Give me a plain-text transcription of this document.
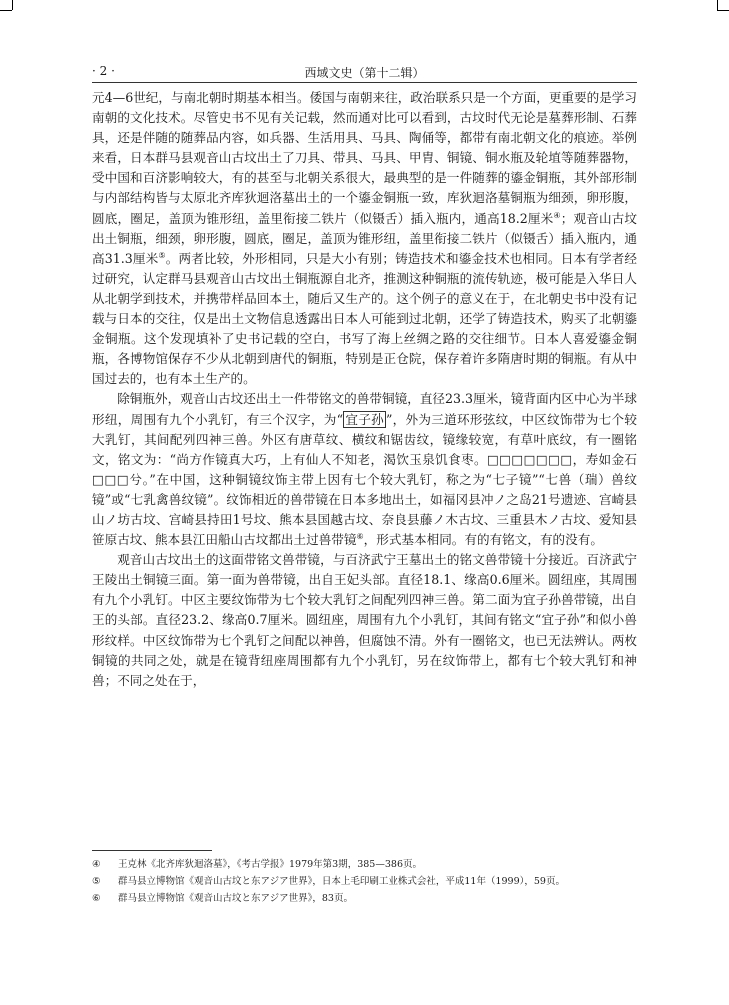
· 2 ·	西域文史（第十二辑）

元4—6世纪，与南北朝时期基本相当。倭国与南朝来往，政治联系只是一个方面，更重要的是学习南朝的文化技术。尽管史书不见有关记载，然而通对比可以看到，古坟时代无论是墓葬形制、石葬具，还是伴随的随葬品内容，如兵器、生活用具、马具、陶俑等，都带有南北朝文化的痕迹。举例来看，日本群马县观音山古坟出土了刀具、带具、马具、甲胄、铜镜、铜水瓶及轮埴等随葬器物，受中国和百济影响较大，有的甚至与北朝关系很大，最典型的是一件随葬的鎏金铜瓶，其外部形制与内部结构皆与太原北齐库狄迴洛墓出土的一个鎏金铜瓶一致，库狄迴洛墓铜瓶为细颈，卵形腹，圆底，圈足，盖顶为锥形纽，盖里衔接二铁片（似镊舌）插入瓶内，通高18.2厘米④；观音山古坟出土铜瓶，细颈，卵形腹，圆底，圈足，盖顶为锥形纽，盖里衔接二铁片（似镊舌）插入瓶内，通高31.3厘米⑤。两者比较，外形相同，只是大小有别；铸造技术和鎏金技术也相同。日本有学者经过研究，认定群马县观音山古坟出土铜瓶源自北齐，推测这种铜瓶的流传轨迹，极可能是入华日人从北朝学到技术，并携带样品回本土，随后又生产的。这个例子的意义在于，在北朝史书中没有记载与日本的交往，仅是出土文物信息透露出日本人可能到过北朝，还学了铸造技术，购买了北朝鎏金铜瓶。这个发现填补了史书记载的空白，书写了海上丝绸之路的交往细节。日本人喜爱鎏金铜瓶，各博物馆保存不少从北朝到唐代的铜瓶，特别是正仓院，保存着许多隋唐时期的铜瓶。有从中国过去的，也有本土生产的。

除铜瓶外，观音山古坟还出土一件带铭文的兽带铜镜，直径23.3厘米，镜背面内区中心为半球形纽，周围有九个小乳钉，有三个汉字，为“ 宜子孙 ”，外为三道环形弦纹，中区纹饰带为七个较大乳钉，其间配列四神三兽。外区有唐草纹、横纹和锯齿纹，镜缘较宽，有草叶底纹，有一圈铭文，铭文为：“尚方作镜真大巧，上有仙人不知老，渴饮玉泉饥食枣。□□□□□□□，寿如金石□□□兮。”在中国，这种铜镜纹饰主带上因有七个较大乳钉，称之为“七子镜”“七兽（瑞）兽纹镜”或“七乳禽兽纹镜”。纹饰相近的兽带镜在日本多地出土，如福冈县冲ノ之岛21号遗迹、宫崎县山ノ坊古坟、宫崎县持田1号坟、熊本县国越古坟、奈良县藤ノ木古坟、三重县木ノ古坟、爱知县笹原古坟、熊本县江田船山古坟都出土过兽带镜⑥，形式基本相同。有的有铭文，有的没有。

观音山古坟出土的这面带铭文兽带镜，与百济武宁王墓出土的铭文兽带镜十分接近。百济武宁王陵出土铜镜三面。第一面为兽带镜，出自王妃头部。直径18.1、缘高0.6厘米。圆纽座，其周围有九个小乳钉。中区主要纹饰带为七个较大乳钉之间配列四神三兽。第二面为宜子孙兽带镜，出自王的头部。直径23.2、缘高0.7厘米。圆纽座，周围有九个小乳钉，其间有铭文“宜子孙”和似小兽形纹样。中区纹饰带为七个乳钉之间配以神兽，但腐蚀不清。外有一圈铭文，也已无法辨认。两枚铜镜的共同之处，就是在镜背纽座周围都有九个小乳钉，另在纹饰带上，都有七个较大乳钉和神兽；不同之处在于，

④	王克林《北齐库狄迴洛墓》，《考古学报》1979年第3期，385—386页。
⑤	群马县立博物馆《观音山古坟と东アジア世界》，日本上毛印刷工业株式会社，平成11年（1999），59页。
⑥	群马县立博物馆《观音山古坟と东アジア世界》，83页。
